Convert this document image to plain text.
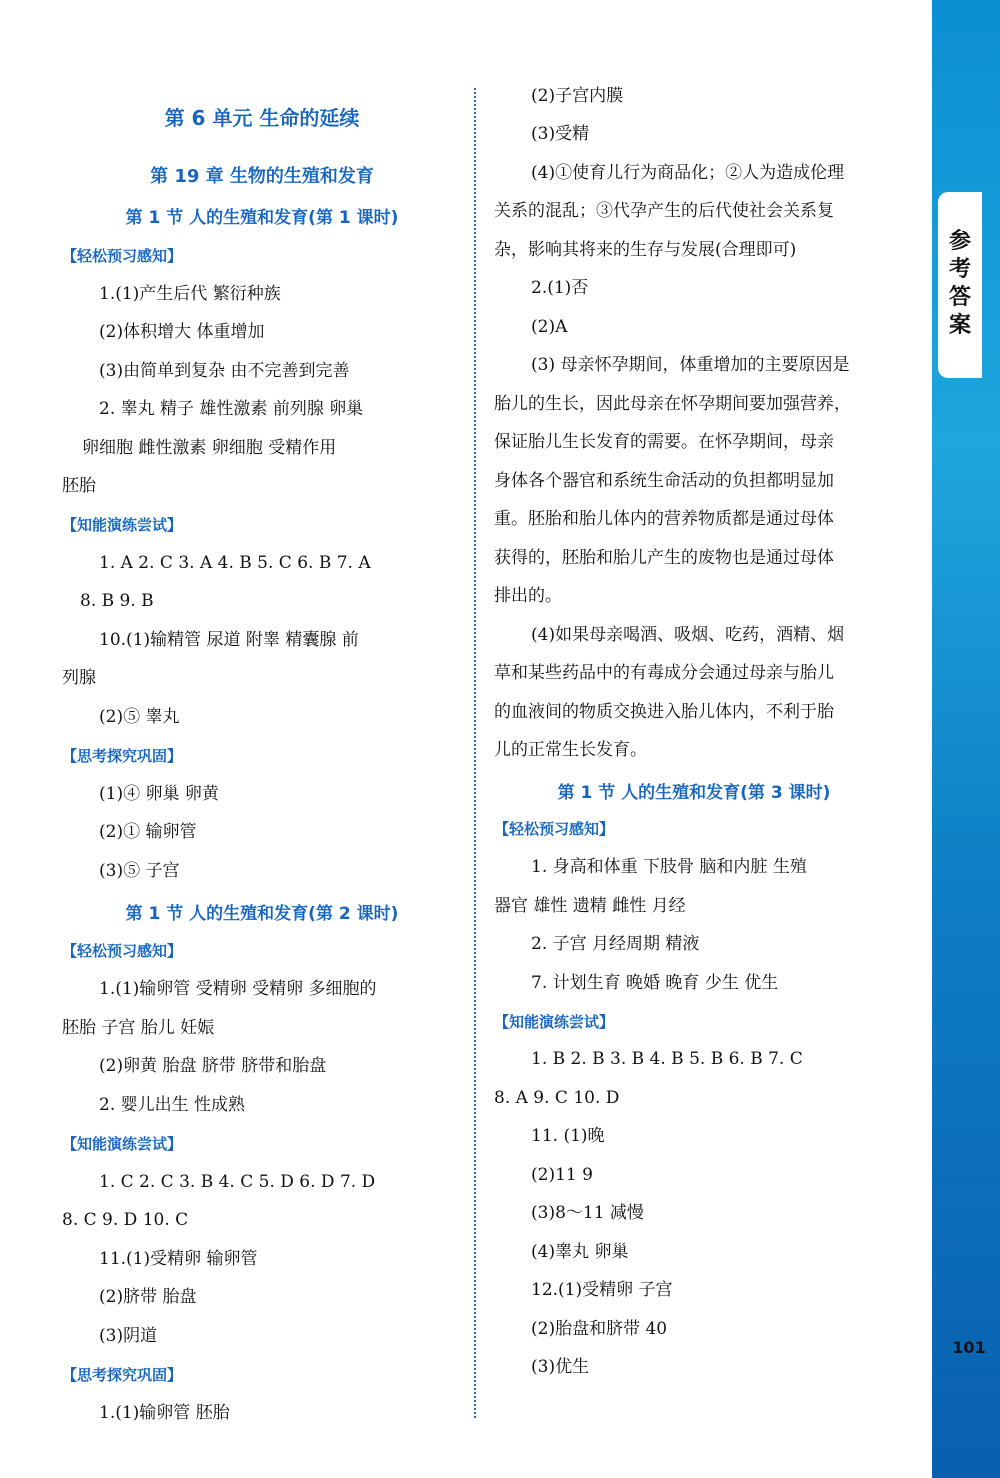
第 6 单元 生命的延续
第 19 章 生物的生殖和发育
第 1 节 人的生殖和发育(第 1 课时)
【轻松预习感知】
1.(1)产生后代 繁衍种族
(2)体积增大 体重增加
(3)由简单到复杂 由不完善到完善
2. 睾丸 精子 雄性激素 前列腺 卵巢
卵细胞 雌性激素 卵细胞 受精作用
胚胎
【知能演练尝试】
1. A 2. C 3. A 4. B 5. C 6. B 7. A
8. B 9. B
10.(1)输精管 尿道 附睾 精囊腺 前
列腺
(2)⑤ 睾丸
【思考探究巩固】
(1)④ 卵巢 卵黄
(2)① 输卵管
(3)⑤ 子宫
第 1 节 人的生殖和发育(第 2 课时)
【轻松预习感知】
1.(1)输卵管 受精卵 受精卵 多细胞的
胚胎 子宫 胎儿 妊娠
(2)卵黄 胎盘 脐带 脐带和胎盘
2. 婴儿出生 性成熟
【知能演练尝试】
1. C 2. C 3. B 4. C 5. D 6. D 7. D
8. C 9. D 10. C
11.(1)受精卵 输卵管
(2)脐带 胎盘
(3)阴道
【思考探究巩固】
1.(1)输卵管 胚胎
(2)子宫内膜
(3)受精
(4)①使育儿行为商品化；②人为造成伦理
关系的混乱；③代孕产生的后代使社会关系复
杂，影响其将来的生存与发展(合理即可)
2.(1)否
(2)A
(3) 母亲怀孕期间，体重增加的主要原因是
胎儿的生长，因此母亲在怀孕期间要加强营养，
保证胎儿生长发育的需要。在怀孕期间，母亲
身体各个器官和系统生命活动的负担都明显加
重。胚胎和胎儿体内的营养物质都是通过母体
获得的，胚胎和胎儿产生的废物也是通过母体
排出的。
(4)如果母亲喝酒、吸烟、吃药，酒精、烟
草和某些药品中的有毒成分会通过母亲与胎儿
的血液间的物质交换进入胎儿体内，不利于胎
儿的正常生长发育。
第 1 节 人的生殖和发育(第 3 课时)
【轻松预习感知】
1. 身高和体重 下肢骨 脑和内脏 生殖
器官 雄性 遗精 雌性 月经
2. 子宫 月经周期 精液
7. 计划生育 晚婚 晚育 少生 优生
【知能演练尝试】
1. B 2. B 3. B 4. B 5. B 6. B 7. C
8. A 9. C 10. D
11. (1)晚
(2)11 9
(3)8～11 减慢
(4)睾丸 卵巢
12.(1)受精卵 子宫
(2)胎盘和脐带 40
(3)优生
参
考
答
案
101
